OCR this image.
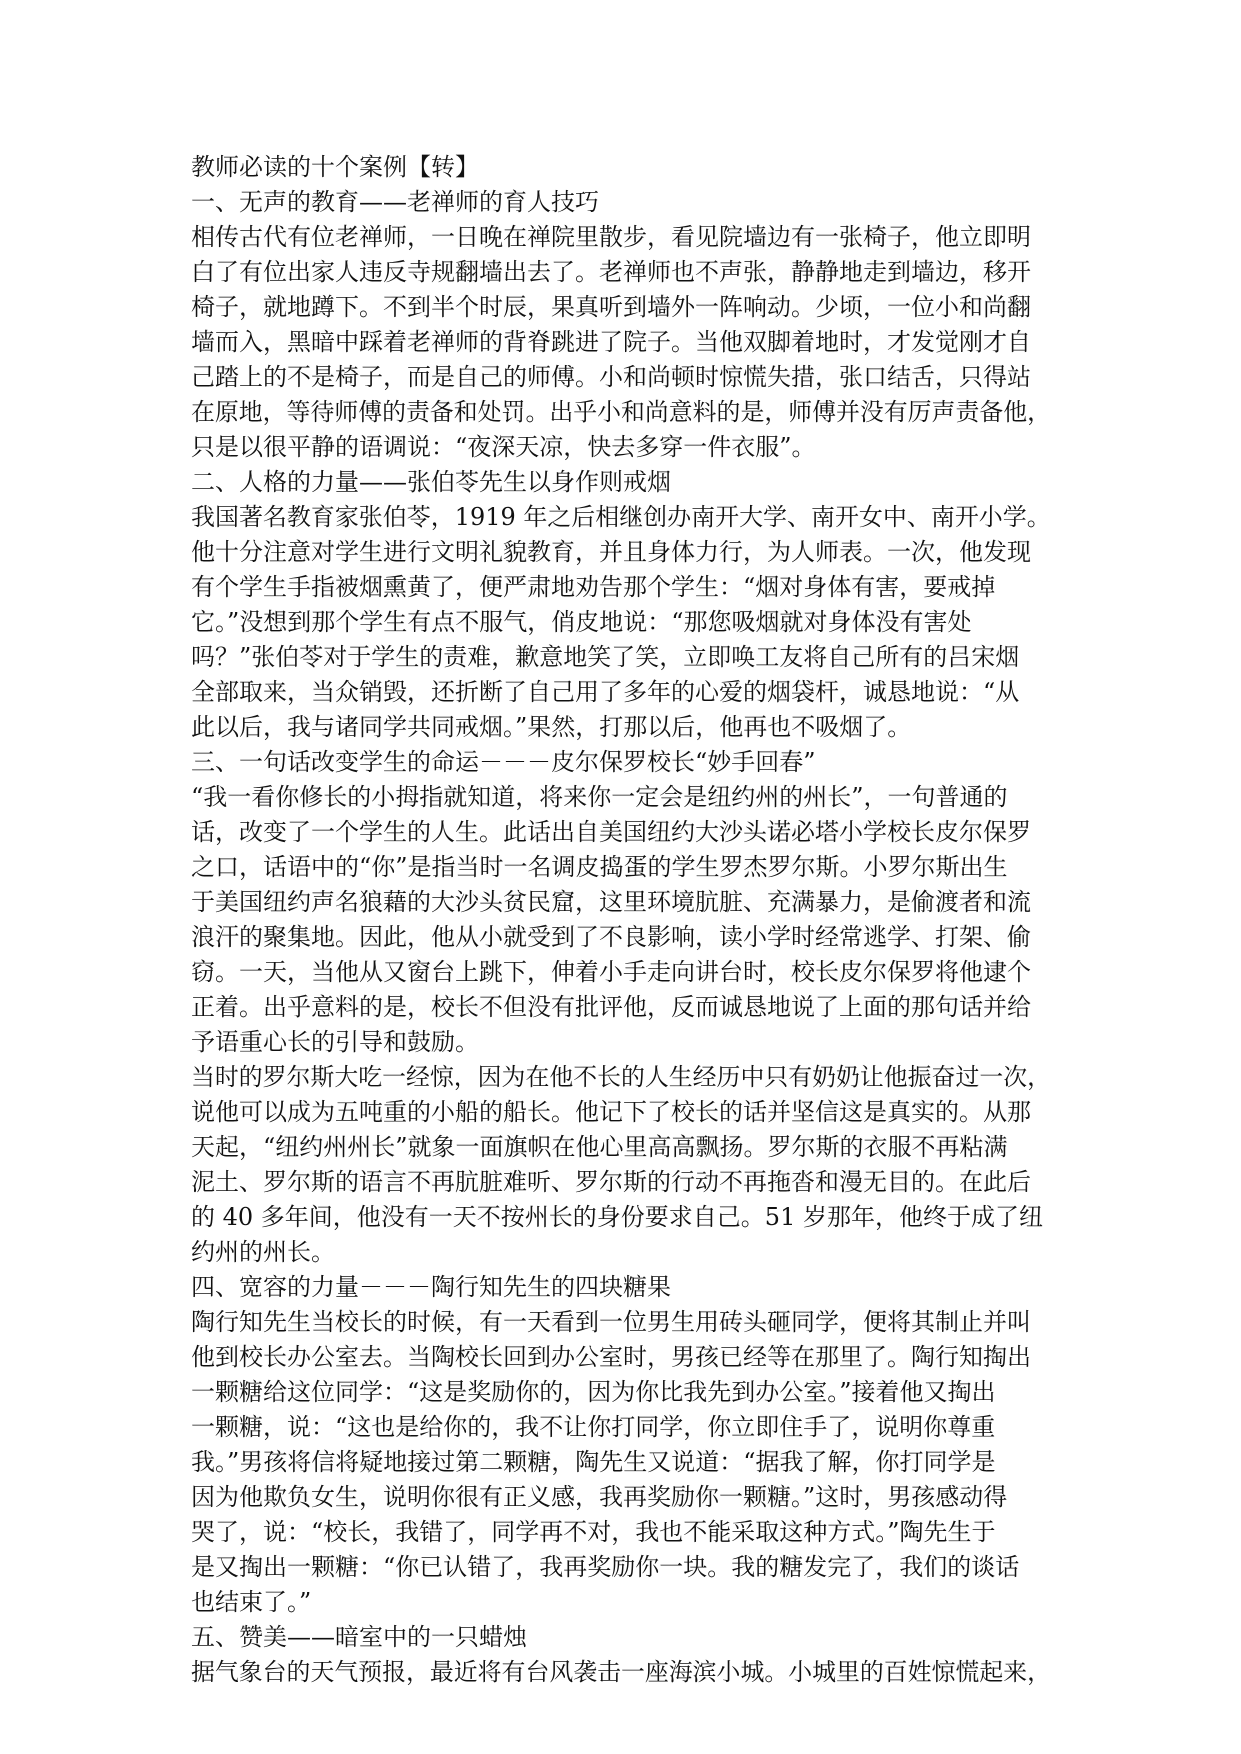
教师必读的十个案例【转】
一、无声的教育——老禅师的育人技巧
相传古代有位老禅师，一日晚在禅院里散步，看见院墙边有一张椅子，他立即明
白了有位出家人违反寺规翻墙出去了。老禅师也不声张，静静地走到墙边，移开
椅子，就地蹲下。不到半个时辰，果真听到墙外一阵响动。少顷，一位小和尚翻
墙而入，黑暗中踩着老禅师的背脊跳进了院子。当他双脚着地时，才发觉刚才自
己踏上的不是椅子，而是自己的师傅。小和尚顿时惊慌失措，张口结舌，只得站
在原地，等待师傅的责备和处罚。出乎小和尚意料的是，师傅并没有厉声责备他，
只是以很平静的语调说：“夜深天凉，快去多穿一件衣服”。
二、人格的力量——张伯苓先生以身作则戒烟
我国著名教育家张伯苓，1919 年之后相继创办南开大学、南开女中、南开小学。
他十分注意对学生进行文明礼貌教育，并且身体力行，为人师表。一次，他发现
有个学生手指被烟熏黄了，便严肃地劝告那个学生：“烟对身体有害，要戒掉
它。”没想到那个学生有点不服气，俏皮地说：“那您吸烟就对身体没有害处
吗？”张伯苓对于学生的责难，歉意地笑了笑，立即唤工友将自己所有的吕宋烟
全部取来，当众销毁，还折断了自己用了多年的心爱的烟袋杆，诚恳地说：“从
此以后，我与诸同学共同戒烟。”果然，打那以后，他再也不吸烟了。
三、一句话改变学生的命运－－－皮尔保罗校长“妙手回春”
“我一看你修长的小拇指就知道，将来你一定会是纽约州的州长”，一句普通的
话，改变了一个学生的人生。此话出自美国纽约大沙头诺必塔小学校长皮尔保罗
之口，话语中的“你”是指当时一名调皮捣蛋的学生罗杰罗尔斯。小罗尔斯出生
于美国纽约声名狼藉的大沙头贫民窟，这里环境肮脏、充满暴力，是偷渡者和流
浪汗的聚集地。因此，他从小就受到了不良影响，读小学时经常逃学、打架、偷
窃。一天，当他从又窗台上跳下，伸着小手走向讲台时，校长皮尔保罗将他逮个
正着。出乎意料的是，校长不但没有批评他，反而诚恳地说了上面的那句话并给
予语重心长的引导和鼓励。
当时的罗尔斯大吃一经惊，因为在他不长的人生经历中只有奶奶让他振奋过一次，
说他可以成为五吨重的小船的船长。他记下了校长的话并坚信这是真实的。从那
天起，“纽约州州长”就象一面旗帜在他心里高高飘扬。罗尔斯的衣服不再粘满
泥土、罗尔斯的语言不再肮脏难听、罗尔斯的行动不再拖沓和漫无目的。在此后
的 40 多年间，他没有一天不按州长的身份要求自己。51 岁那年，他终于成了纽
约州的州长。
四、宽容的力量－－－陶行知先生的四块糖果
陶行知先生当校长的时候，有一天看到一位男生用砖头砸同学，便将其制止并叫
他到校长办公室去。当陶校长回到办公室时，男孩已经等在那里了。陶行知掏出
一颗糖给这位同学：“这是奖励你的，因为你比我先到办公室。”接着他又掏出
一颗糖，说：“这也是给你的，我不让你打同学，你立即住手了，说明你尊重
我。”男孩将信将疑地接过第二颗糖，陶先生又说道：“据我了解，你打同学是
因为他欺负女生，说明你很有正义感，我再奖励你一颗糖。”这时，男孩感动得
哭了，说：“校长，我错了，同学再不对，我也不能采取这种方式。”陶先生于
是又掏出一颗糖：“你已认错了，我再奖励你一块。我的糖发完了，我们的谈话
也结束了。”
五、赞美——暗室中的一只蜡烛
据气象台的天气预报，最近将有台风袭击一座海滨小城。小城里的百姓惊慌起来，
